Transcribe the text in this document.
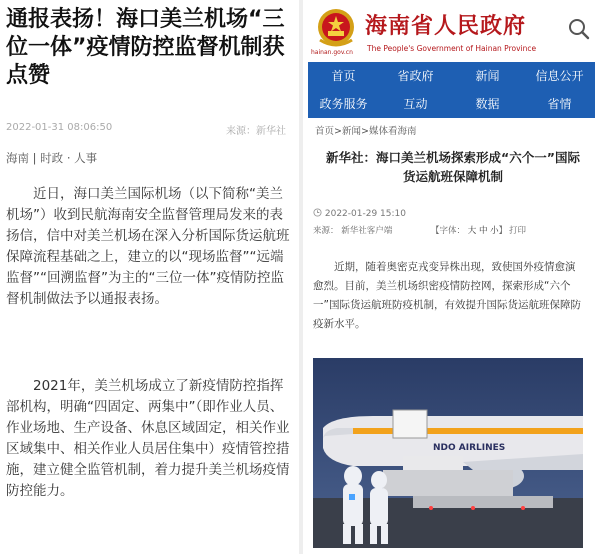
通报表扬！海口美兰机场“三位一体”疫情防控监督机制获点赞
2022-01-31 08:06:50	来源：新华社
海南 | 时政 · 人事
近日，海口美兰国际机场（以下简称“美兰机场”）收到民航海南安全监督管理局发来的表扬信，信中对美兰机场在深入分析国际货运航班保障流程基础之上，建立的以“现场监督”“远端监督”“回溯监督”为主的“三位一体”疫情防控监督机制做法予以通报表扬。
2021年，美兰机场成立了新疫情防控指挥部机构，明确“四固定、两集中”（即作业人员、作业场地、生产设备、休息区域固定，相关作业区域集中、相关作业人员居住集中）疫情管控措施，建立健全监管机制，着力提升美兰机场疫情防控能力。
hainan.gov.cn
海南省人民政府
The People's Government of Hainan Province
首页	省政府	新闻	信息公开
政务服务	互动	数据	省情
首页>新闻>媒体看海南
新华社：海口美兰机场探索形成“六个一”国际
货运航班保障机制
2022-01-29 15:10
来源： 新华社客户端	【字体： 大 中 小】 打印
近期，随着奥密克戎变异株出现，致使国外疫情愈演愈烈。目前，美兰机场织密疫情防控网，探索形成“六个一”国际货运航班防疫机制，有效提升国际货运航班保障防疫新水平。
NDO AIRLINES
